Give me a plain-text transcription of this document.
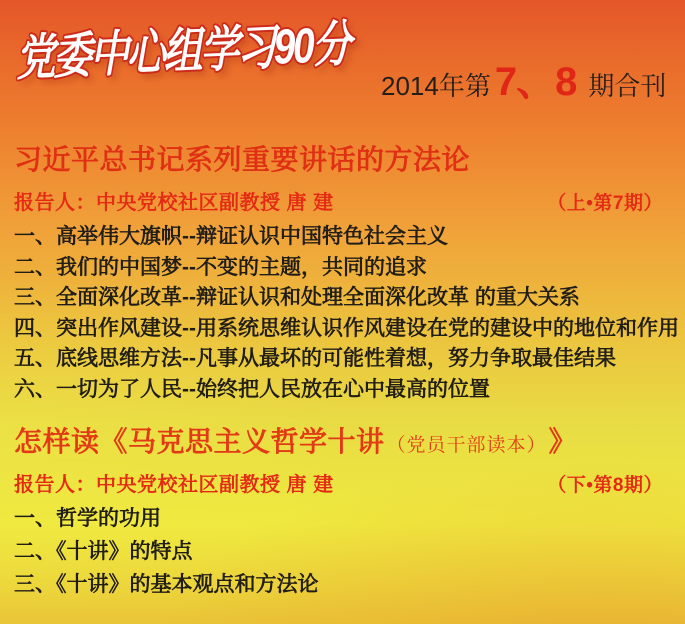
党委中心组学习90分
2014年第 7、8 期合刊
习近平总书记系列重要讲话的方法论
报告人：中央党校社区副教授 唐 建	（上•第7期）
一、高举伟大旗帜--辩证认识中国特色社会主义
二、我们的中国梦--不变的主题，共同的追求
三、全面深化改革--辩证认识和处理全面深化改革 的重大关系
四、突出作风建设--用系统思维认识作风建设在党的建设中的地位和作用
五、底线思维方法--凡事从最坏的可能性着想，努力争取最佳结果
六、一切为了人民--始终把人民放在心中最高的位置
怎样读《马克思主义哲学十讲 （党员干部读本） 》
报告人：中央党校社区副教授 唐 建	（下•第8期）
一、哲学的功用
二、《十讲》的特点
三、《十讲》的基本观点和方法论
